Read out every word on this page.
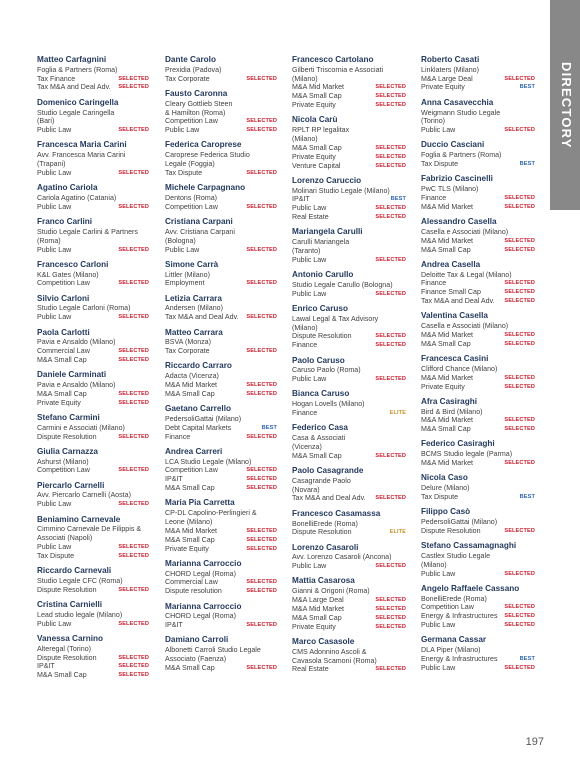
Matteo Carfagnini
Foglia & Partners (Roma)
Tax Finance	SELECTED
Tax M&A and Deal Adv. SELECTED
Domenico Caringella
Studio Legale Caringella
(Bari)
Public Law	SELECTED
Francesca Maria Carini
Avv. Francesca Maria Carini
(Trapani)
Public Law	SELECTED
Agatino Cariola
Cariola Agatino (Catania)
Public Law	SELECTED
Franco Carlini
Studio Legale Carlini & Partners
(Roma)
Public Law	SELECTED
Francesco Carloni
K&L Gates (Milano)
Competition Law	SELECTED
Silvio Carloni
Studio Legale Carloni (Roma)
Public Law	SELECTED
Paola Carlotti
Pavia e Ansaldo (Milano)
Commercial Law	SELECTED
M&A Small Cap	SELECTED
Daniele Carminati
Pavia e Ansaldo (Milano)
M&A Small Cap	SELECTED
Private Equity	SELECTED
Stefano Carmini
Carmini e Associati (Milano)
Dispute Resolution	SELECTED
Giulia Carnazza
Ashurst (Milano)
Competition Law	SELECTED
Piercarlo Carnelli
Avv. Piercarlo Carnelli (Aosta)
Public Law	SELECTED
Beniamino Carnevale
Cimmino Carnevale De Filippis &
Associati (Napoli)
Public Law	SELECTED
Tax Dispute	SELECTED
Riccardo Carnevali
Studio Legale CFC (Roma)
Dispute Resolution	SELECTED
Cristina Carnielli
Lead studio legale (Milano)
Public Law	SELECTED
Vanessa Carnino
Alteregal (Torino)
Dispute Resolution	SELECTED
IP&IT	SELECTED
M&A Small Cap	SELECTED
Dante Carolo
Prexidia (Padova)
Tax Corporate	SELECTED
Fausto Caronna
Cleary Gottlieb Steen
& Hamilton (Roma)
Competition Law	SELECTED
Public Law	SELECTED
Federica Caroprese
Caroprese Federica Studio
Legale (Foggia)
Tax Dispute	SELECTED
Michele Carpagnano
Dentons (Roma)
Competition Law	SELECTED
Cristiana Carpani
Avv. Cristiana Carpani
(Bologna)
Public Law	SELECTED
Simone Carrà
Littler (Milano)
Employment	SELECTED
Letizia Carrara
Andersen (Milano)
Tax M&A and Deal Adv. SELECTED
Matteo Carrara
BSVA (Monza)
Tax Corporate	SELECTED
Riccardo Carraro
Adacta (Vicenza)
M&A Mid Market	SELECTED
M&A Small Cap	SELECTED
Gaetano Carrello
PedersoliGattai (Milano)
Debt Capital Markets	BEST
Finance	SELECTED
Andrea Carreri
LCA Studio Legale (Milano)
Competition Law	SELECTED
IP&IT	SELECTED
M&A Small Cap	SELECTED
Maria Pia Carretta
CP-DL Capolino-Perlingieri &
Leone (Milano)
M&A Mid Market	SELECTED
M&A Small Cap	SELECTED
Private Equity	SELECTED
Marianna Carroccio
CHORD Legal (Roma)
Commercial Law	SELECTED
Dispute resolution	SELECTED
Marianna Carroccio
CHORD Legal (Roma)
IP&IT	SELECTED
Damiano Carroli
Albonetti Carroli Studio Legale
Associato (Faenza)
M&A Small Cap	SELECTED
Francesco Cartolano
Gilberti Triscornia e Associati
(Milano)
M&A Mid Market	SELECTED
M&A Small Cap	SELECTED
Private Equity	SELECTED
Nicola Carù
RPLT RP legalitax
(Milano)
M&A Small Cap	SELECTED
Private Equity	SELECTED
Venture Capital	SELECTED
Lorenzo Caruccio
Molinari Studio Legale (Milano)
IP&IT	BEST
Public Law	SELECTED
Real Estate	SELECTED
Mariangela Carulli
Carulli Mariangela
(Taranto)
Public Law	SELECTED
Antonio Carullo
Studio Legale Carullo (Bologna)
Public Law	SELECTED
Enrico Caruso
Lawal Legal & Tax Advisory
(Milano)
Dispute Resolution	SELECTED
Finance	SELECTED
Paolo Caruso
Caruso Paolo (Roma)
Public Law	SELECTED
Bianca Caruso
Hogan Lovells (Milano)
Finance	ELITE
Federico Casa
Casa & Associati
(Vicenza)
M&A Small Cap	SELECTED
Paolo Casagrande
Casagrande Paolo
(Novara)
Tax M&A and Deal Adv. SELECTED
Francesco Casamassa
BonelliErede (Roma)
Dispute Resolution	ELITE
Lorenzo Casaroli
Avv. Lorenzo Casaroli (Ancona)
Public Law	SELECTED
Mattia Casarosa
Gianni & Origoni (Roma)
M&A Large Deal	SELECTED
M&A Mid Market	SELECTED
M&A Small Cap	SELECTED
Private Equity	SELECTED
Marco Casasole
CMS Adonnino Ascoli &
Cavasola Scamoni (Roma)
Real Estate	SELECTED
Roberto Casati
Linklaters (Milano)
M&A Large Deal	SELECTED
Private Equity	BEST
Anna Casavecchia
Weigmann Studio Legale
(Torino)
Public Law	SELECTED
Duccio Casciani
Foglia & Partners (Roma)
Tax Dispute	BEST
Fabrizio Cascinelli
PwC TLS (Milano)
Finance	SELECTED
M&A Mid Market	SELECTED
Alessandro Casella
Casella e Associati (Milano)
M&A Mid Market	SELECTED
M&A Small Cap	SELECTED
Andrea Casella
Deloitte Tax & Legal (Milano)
Finance	SELECTED
Finance Small Cap	SELECTED
Tax M&A and Deal Adv. SELECTED
Valentina Casella
Casella e Associati (Milano)
M&A Mid Market	SELECTED
M&A Small Cap	SELECTED
Francesca Casini
Clifford Chance (Milano)
M&A Mid Market	SELECTED
Private Equity	SELECTED
Afra Casiraghi
Bird & Bird (Milano)
M&A Mid Market	SELECTED
M&A Small Cap	SELECTED
Federico Casiraghi
BCMS Studio legale (Parma)
M&A Mid Market	SELECTED
Nicola Caso
Delure (Milano)
Tax Dispute	BEST
Filippo Casò
PedersoliGattai (Milano)
Dispute Resolution	SELECTED
Stefano Cassamagnaghi
Castlex Studio Legale
(Milano)
Public Law	SELECTED
Angelo Raffaele Cassano
BonelliErede (Roma)
Competition Law	SELECTED
Energy & Infrastructures SELECTED
Public Law	SELECTED
Germana Cassar
DLA Piper (Milano)
Energy & Infrastructures	BEST
Public Law	SELECTED
DIRECTORY
197
